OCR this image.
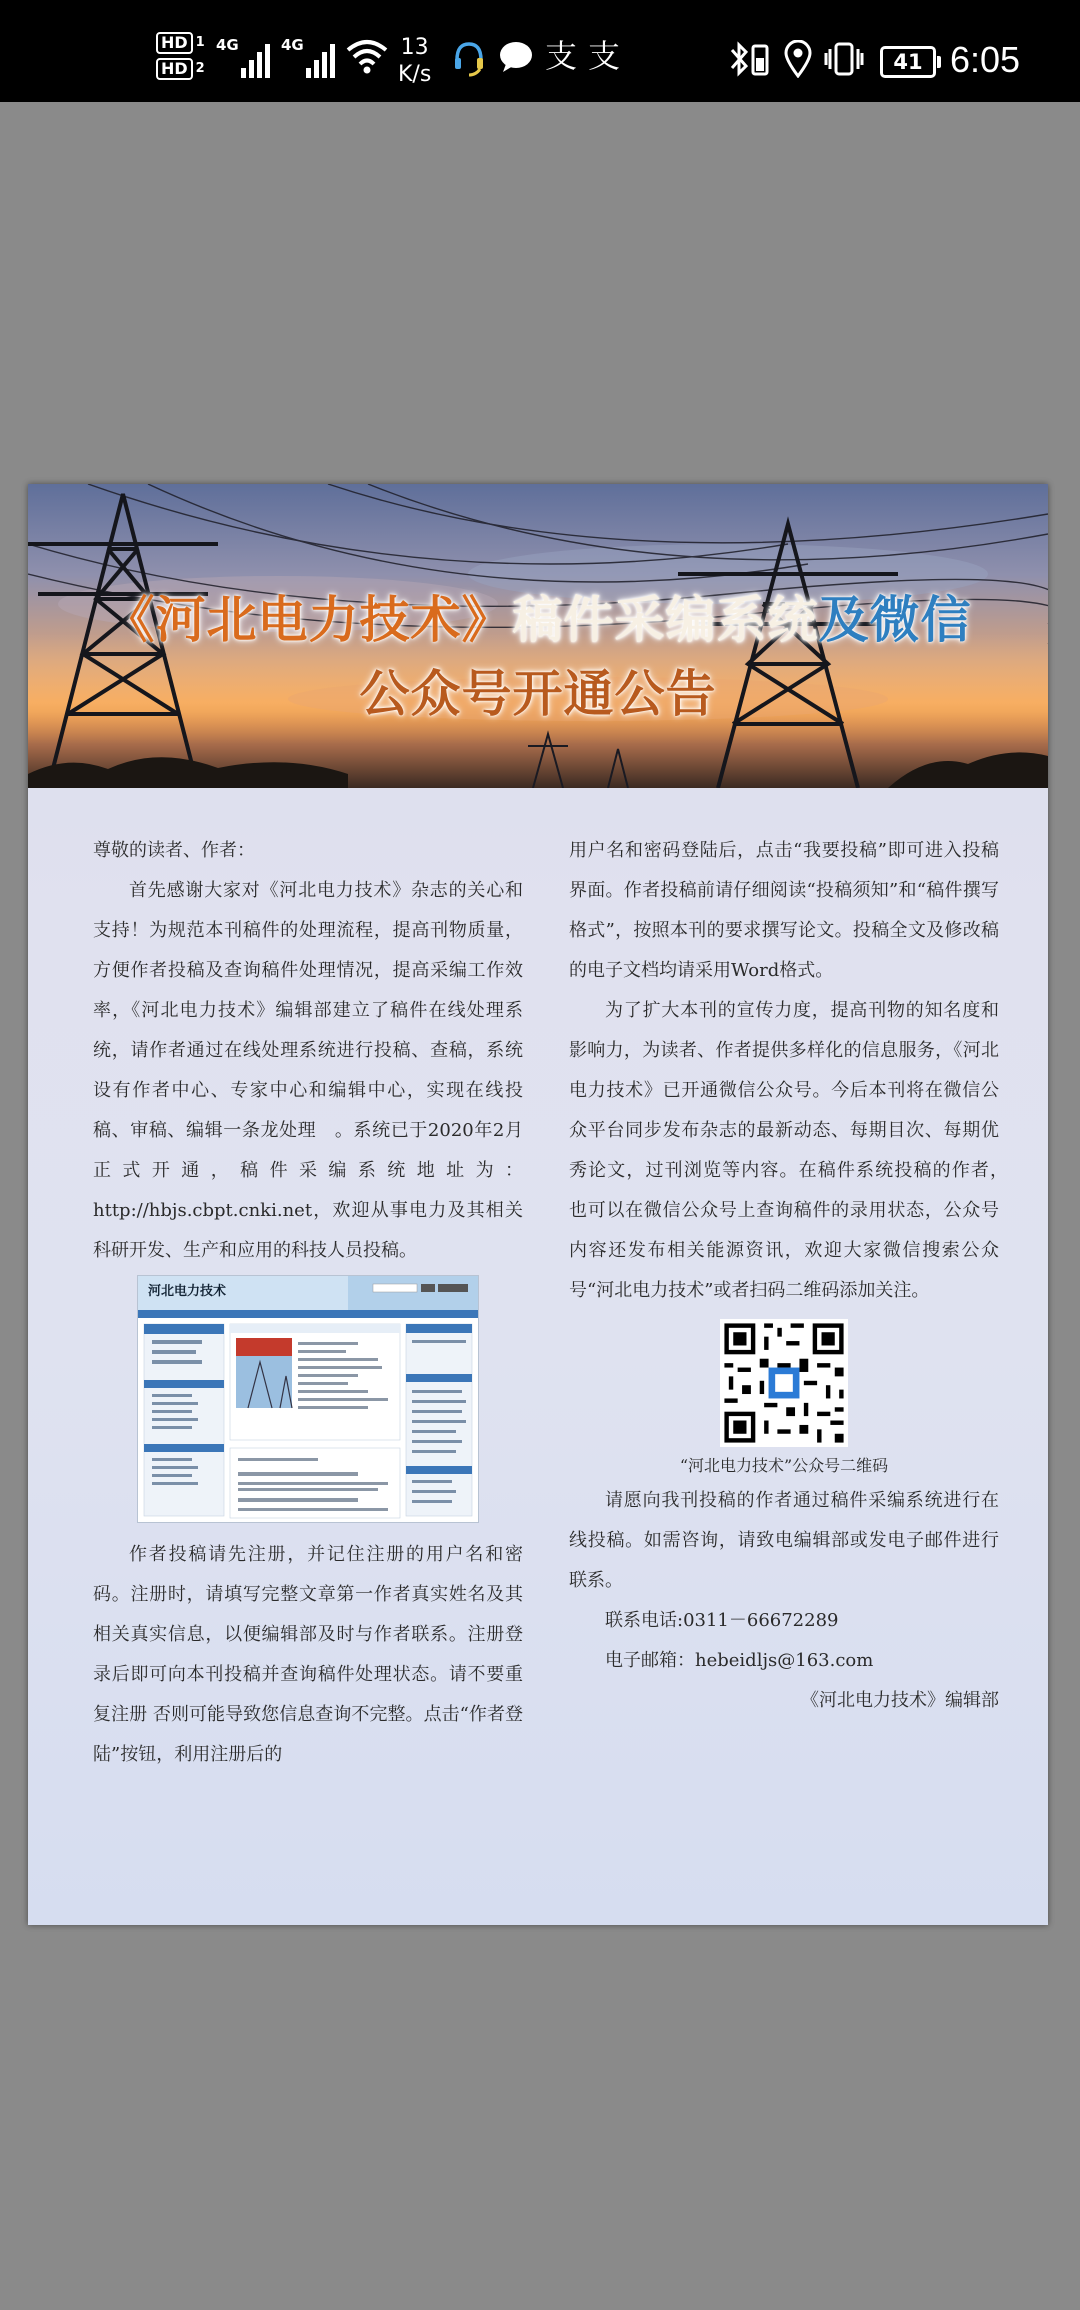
HD 1
HD 2
4G	4G	13
K/s	支 支	41 6:05
《河北电力技术》稿件采编系统及微信
公众号开通公告

尊敬的读者、作者：

首先感谢大家对《河北电力技术》杂志的关心和支持！为规范本刊稿件的处理流程，提高刊物质量，方便作者投稿及查询稿件处理情况，提高采编工作效率，《河北电力技术》编辑部建立了稿件在线处理系统，请作者通过在线处理系统进行投稿、查稿，系统设有作者中心、专家中心和编辑中心，实现在线投稿、审稿、编辑一条龙处理　。系统已于2020年2月正式开通，稿件采编系统地址为：http://hbjs.cbpt.cnki.net，欢迎从事电力及其相关科研开发、生产和应用的科技人员投稿。

河北电力技术

作者投稿请先注册，并记住注册的用户名和密码。注册时，请填写完整文章第一作者真实姓名及其相关真实信息，以便编辑部及时与作者联系。注册登录后即可向本刊投稿并查询稿件处理状态。请不要重复注册 否则可能导致您信息查询不完整。点击“作者登陆”按钮，利用注册后的

用户名和密码登陆后，点击“我要投稿”即可进入投稿界面。作者投稿前请仔细阅读“投稿须知”和“稿件撰写格式”，按照本刊的要求撰写论文。投稿全文及修改稿的电子文档均请采用Word格式。

为了扩大本刊的宣传力度，提高刊物的知名度和影响力，为读者、作者提供多样化的信息服务，《河北电力技术》已开通微信公众号。今后本刊将在微信公众平台同步发布杂志的最新动态、每期目次、每期优秀论文，过刊浏览等内容。在稿件系统投稿的作者，　也可以在微信公众号上查询稿件的录用状态，公众号内容还发布相关能源资讯，欢迎大家微信搜索公众号“河北电力技术”或者扫码二维码添加关注。

“河北电力技术”公众号二维码

请愿向我刊投稿的作者通过稿件采编系统进行在线投稿。如需咨询，请致电编辑部或发电子邮件进行联系。

联系电话:0311－66672289

电子邮箱：hebeidljs@163.com

《河北电力技术》编辑部
